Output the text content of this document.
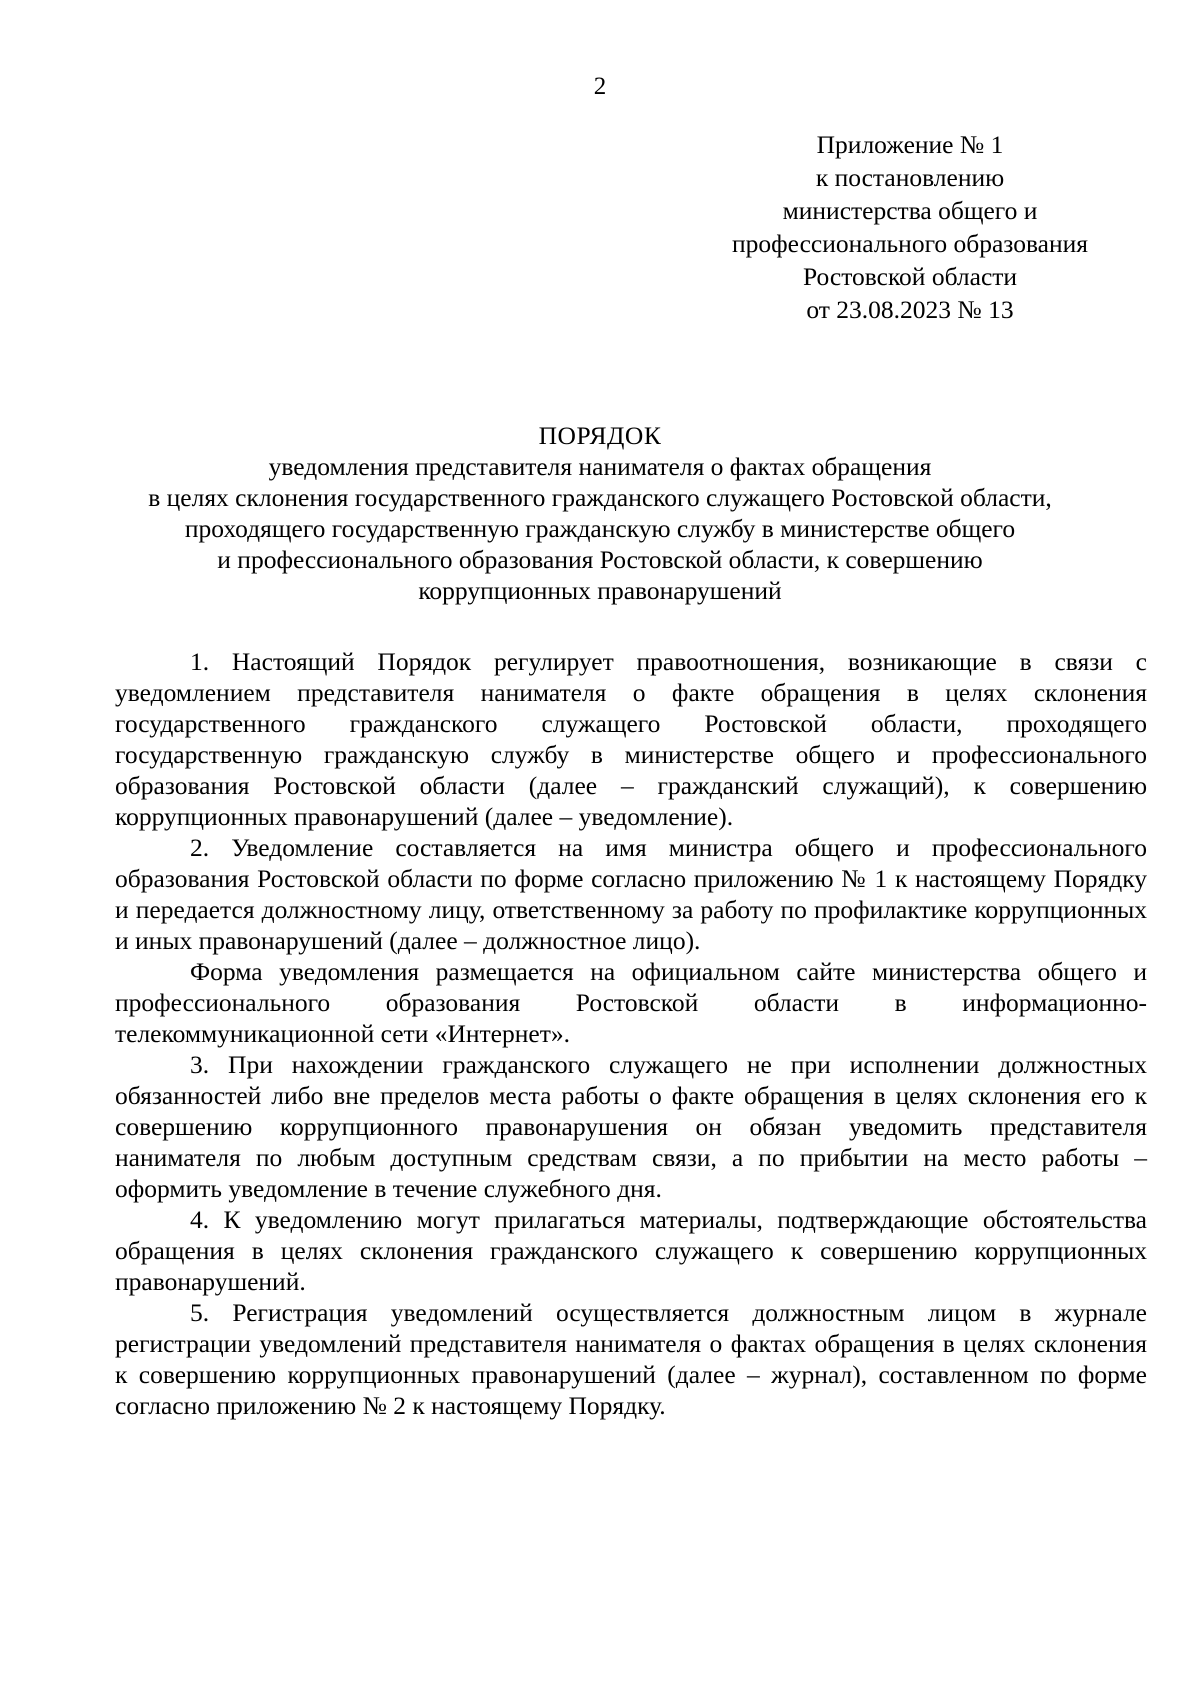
2
Приложение № 1
к постановлению
министерства общего и
профессионального образования
Ростовской области
от 23.08.2023 № 13
ПОРЯДОК
уведомления представителя нанимателя о фактах обращения
в целях склонения государственного гражданского служащего Ростовской области,
проходящего государственную гражданскую службу в министерстве общего
и профессионального образования Ростовской области, к совершению
коррупционных правонарушений

1. Настоящий Порядок регулирует правоотношения, возникающие в связи с уведомлением представителя нанимателя о факте обращения в целях склонения государственного гражданского служащего Ростовской области, проходящего государственную гражданскую службу в министерстве общего и профессионального образования Ростовской области (далее – гражданский служащий), к совершению коррупционных правонарушений (далее – уведомление).

2. Уведомление составляется на имя министра общего и профессионального образования Ростовской области по форме согласно приложению № 1 к настоящему Порядку и передается должностному лицу, ответственному за работу по профилактике коррупционных и иных правонарушений (далее – должностное лицо).

Форма уведомления размещается на официальном сайте министерства общего и профессионального образования Ростовской области в информационно-телекоммуникационной сети «Интернет».

3. При нахождении гражданского служащего не при исполнении должностных обязанностей либо вне пределов места работы о факте обращения в целях склонения его к совершению коррупционного правонарушения он обязан уведомить представителя нанимателя по любым доступным средствам связи, а по прибытии на место работы – оформить уведомление в течение служебного дня.

4. К уведомлению могут прилагаться материалы, подтверждающие обстоятельства обращения в целях склонения гражданского служащего к совершению коррупционных правонарушений.

5. Регистрация уведомлений осуществляется должностным лицом в журнале регистрации уведомлений представителя нанимателя о фактах обращения в целях склонения к совершению коррупционных правонарушений (далее – журнал), составленном по форме согласно приложению № 2 к настоящему Порядку.
